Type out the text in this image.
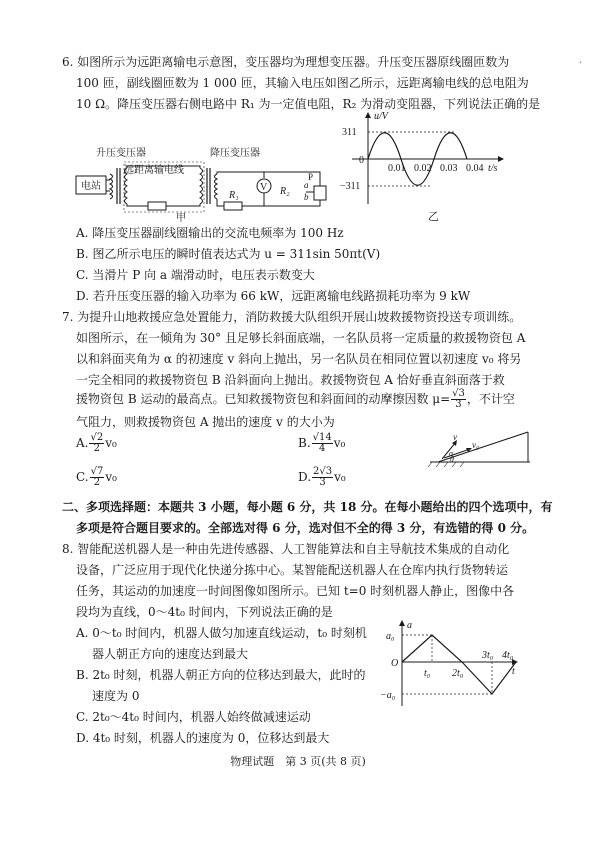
·
6. 如图所示为远距离输电示意图，变压器均为理想变压器。升压变压器原线圈匝数为
100 匝，副线圈匝数为 1 000 匝，其输入电压如图乙所示，远距离输电线的总电阻为
10 Ω。降压变压器右侧电路中 R₁ 为一定值电阻，R₂ 为滑动变阻器，下列说法正确的是
升压变压器	降压变压器
远距离输电线
电站
R₁
V R₂
P
a
b
甲
u/V
t/s
0
311
−311
0.01 0.02 0.03 0.04
乙
A. 降压变压器副线圈输出的交流电频率为 100 Hz
B. 图乙所示电压的瞬时值表达式为 u = 311sin 50πt(V)
C. 当滑片 P 向 a 端滑动时，电压表示数变大
D. 若升压变压器的输入功率为 66 kW，远距离输电线路损耗功率为 9 kW
7. 为提升山地救援应急处置能力，消防救援大队组织开展山坡救援物资投送专项训练。
如图所示，在一倾角为 30° 且足够长斜面底端，一名队员将一定质量的救援物资包 A
以和斜面夹角为 α 的初速度 v 斜向上抛出，另一名队员在相同位置以初速度 v₀ 将另
一完全相同的救援物资包 B 沿斜面向上抛出。救援物资包 A 恰好垂直斜面落于救
援物资包 B 运动的最高点。已知救援物资包和斜面间的动摩擦因数 $\mu= \frac{√3}{3}$ ，不计空
气阻力，则救援物资包 A 抛出的速度 v 的大小为
A. $\frac{√2}{2} v_0$	B. $\frac{√14}{4} v_0$
C. $\frac{√7}{2} v_0$	D. $\frac{2√3}{3} v_0$
v
v₀
α
θ
二、多项选择题：本题共 3 小题，每小题 6 分，共 18 分。在每小题给出的四个选项中，有
多项是符合题目要求的。全部选对得 6 分，选对但不全的得 3 分，有选错的得 0 分。
8. 智能配送机器人是一种由先进传感器、人工智能算法和自主导航技术集成的自动化
设备，广泛应用于现代化快递分拣中心。某智能配送机器人在仓库内执行货物转运
任务，其运动的加速度一时间图像如图所示。已知 t=0 时刻机器人静止，图像中各
段均为直线，0～4t₀ 时间内，下列说法正确的是
A. 0～t₀ 时间内，机器人做匀加速直线运动，t₀ 时刻机
器人朝正方向的速度达到最大
B. 2t₀ 时刻，机器人朝正方向的位移达到最大，此时的
速度为 0
C. 2t₀～4t₀ 时间内，机器人始终做减速运动
D. 4t₀ 时刻，机器人的速度为 0，位移达到最大
a
t
O
a₀
−a₀
t₀ 2t₀
3t₀ 4t₀
物理试题　第 3 页(共 8 页)
